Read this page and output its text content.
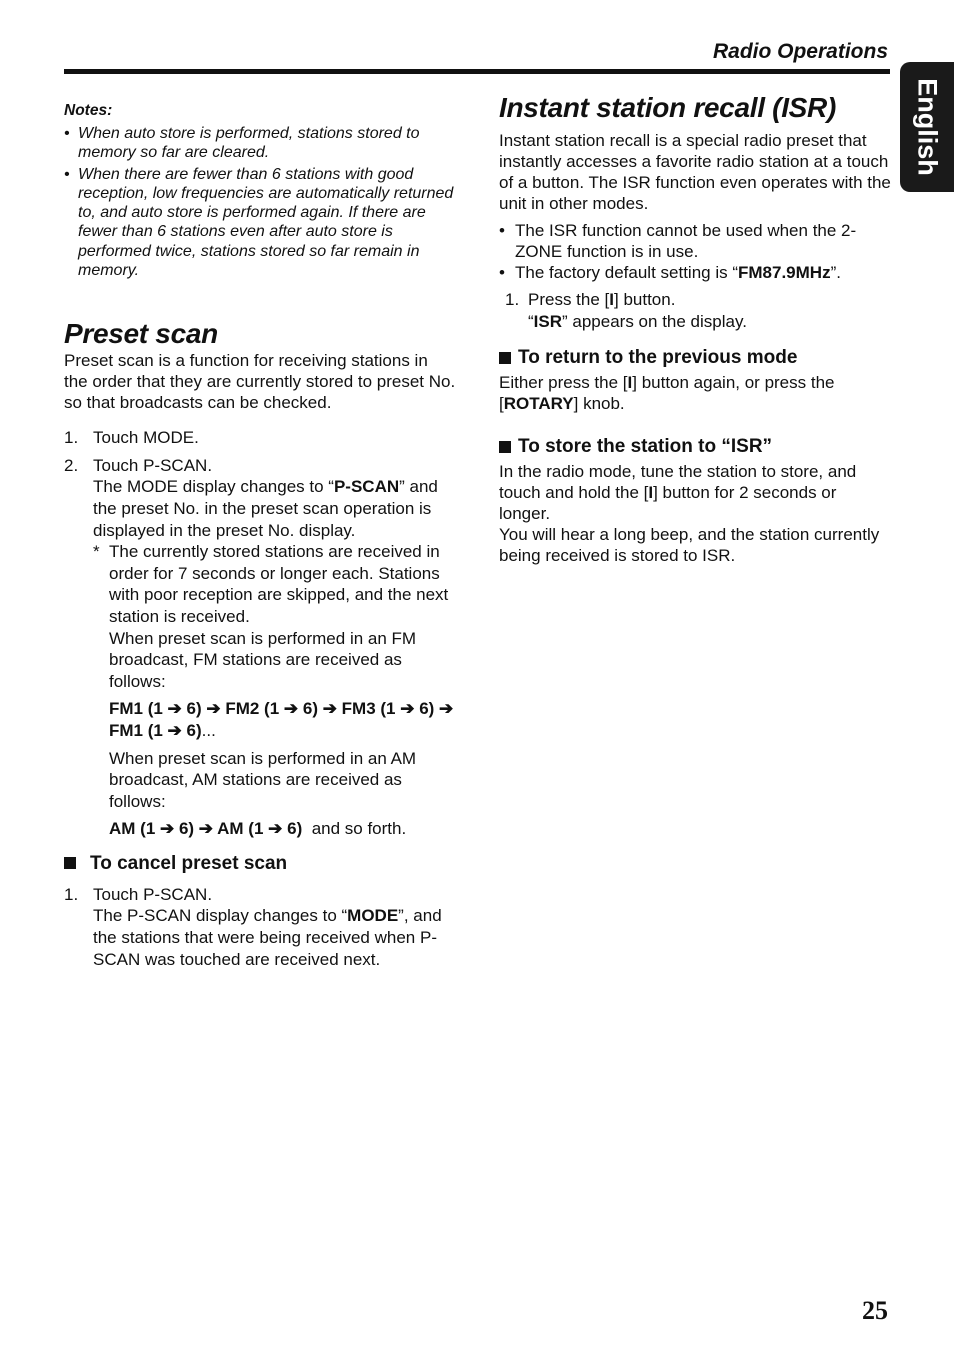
Radio Operations
English
Notes:
• When auto store is performed, stations stored to memory so far are cleared.
• When there are fewer than 6 stations with good reception, low frequencies are automatically returned to, and auto store is performed again. If there are fewer than 6 stations even after auto store is performed twice, stations stored so far remain in memory.
Preset scan

Preset scan is a function for receiving stations in the order that they are currently stored to preset No. so that broadcasts can be checked.

1. Touch MODE.
2. Touch P-SCAN.
The MODE display changes to “P-SCAN” and the preset No. in the preset scan operation is displayed in the preset No. display.
* The currently stored stations are received in order for 7 seconds or longer each. Stations with poor reception are skipped, and the next station is received.
When preset scan is performed in an FM broadcast, FM stations are received as follows:
FM1 (1 ➔ 6) ➔ FM2 (1 ➔ 6) ➔ FM3 (1 ➔ 6) ➔ FM1 (1 ➔ 6)...
When preset scan is performed in an AM broadcast, AM stations are received as follows:
AM (1 ➔ 6) ➔ AM (1 ➔ 6) and so forth.
To cancel preset scan
1. Touch P-SCAN.
The P-SCAN display changes to “MODE”, and the stations that were being received when P-SCAN was touched are received next.
Instant station recall (ISR)

Instant station recall is a special radio preset that instantly accesses a favorite radio station at a touch of a button. The ISR function even operates with the unit in other modes.

• The ISR function cannot be used when the 2-ZONE function is in use.
• The factory default setting is “FM87.9MHz”.
1. Press the [I] button.
“ISR” appears on the display.
To return to the previous mode

Either press the [I] button again, or press the [ROTARY] knob.

To store the station to “ISR”

In the radio mode, tune the station to store, and touch and hold the [I] button for 2 seconds or longer.

You will hear a long beep, and the station currently being received is stored to ISR.

25
